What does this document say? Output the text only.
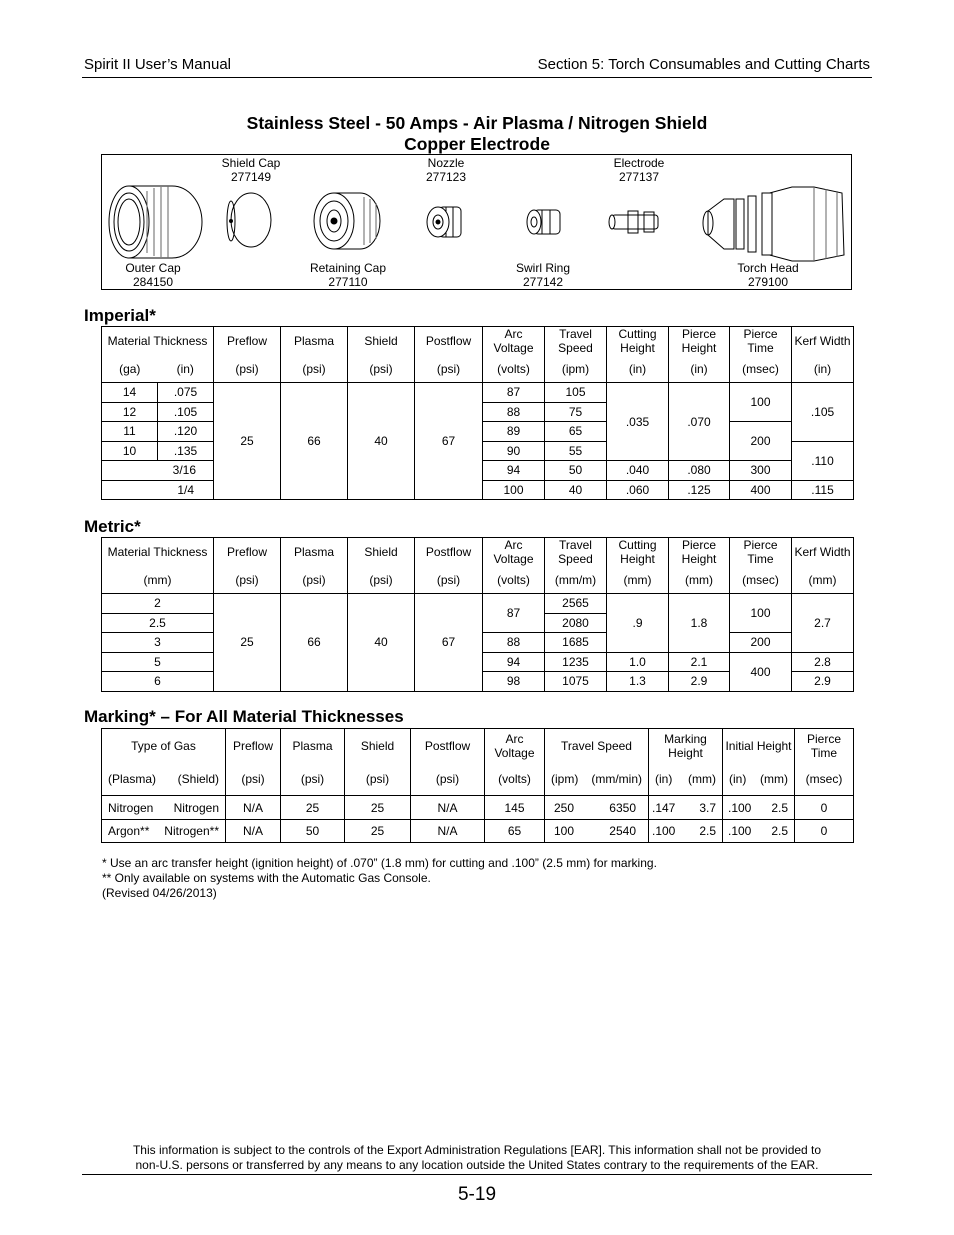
Spirit II User’s Manual	Section 5: Torch Consumables and Cutting Charts
Stainless Steel - 50 Amps - Air Plasma / Nitrogen Shield
Copper Electrode
Outer Cap
284150
Shield Cap
277149
Retaining Cap
277110
Nozzle
277123
Swirl Ring
277142
Electrode
277137
Torch Head
279100
Imperial*
Material Thickness		Preflow	Plasma	Shield	Postflow	Arc Voltage	Travel Speed	Cutting Height	Pierce Height	Pierce Time	Kerf Width
(ga)	(in)	(psi)	(psi)	(psi)	(psi)	(volts)	(ipm)	(in)	(in)	(msec)	(in)
14	.075	25	66	40	67	87	105	.035	.070	100	.105
12	.105					88	75				
11	.120					89	65			200	
10	.135					90	55				.110
3/16						94	50	.040	.080	300	
1/4						100	40	.060	.125	400	.115
Metric*
Material Thickness	Preflow	Plasma	Shield	Postflow	Arc Voltage	Travel Speed	Cutting Height	Pierce Height	Pierce Time	Kerf Width
(mm)	(psi)	(psi)	(psi)	(psi)	(volts)	(mm/m)	(mm)	(mm)	(msec)	(mm)
2	25	66	40	67	87	2565	.9	1.8	100	2.7
2.5						2080				
3					88	1685			200	
5					94	1235	1.0	2.1	400	2.8
6					98	1075	1.3	2.9		2.9
Marking* – For All Material Thicknesses
Type of Gas	Preflow	Plasma	Shield	Postflow	Arc Voltage	Travel Speed	Marking Height	Initial Height	Pierce Time

(Plasma) (Shield)	(psi)	(psi)	(psi)	(psi)	(volts)	(ipm) (mm/min)	(in) (mm)	(in) (mm)	(msec)

Nitrogen Nitrogen	N/A	25	25	N/A	145	250 6350	.147 3.7	.100 2.5	0

Argon** Nitrogen**	N/A	50	25	N/A	65	100 2540	.100 2.5	.100 2.5	0
* Use an arc transfer height (ignition height) of .070” (1.8 mm) for cutting and .100” (2.5 mm) for marking.
** Only available on systems with the Automatic Gas Console.
(Revised 04/26/2013)
This information is subject to the controls of the Export Administration Regulations [EAR]. This information shall not be provided to
non-U.S. persons or transferred by any means to any location outside the United States contrary to the requirements of the EAR.
5-19
